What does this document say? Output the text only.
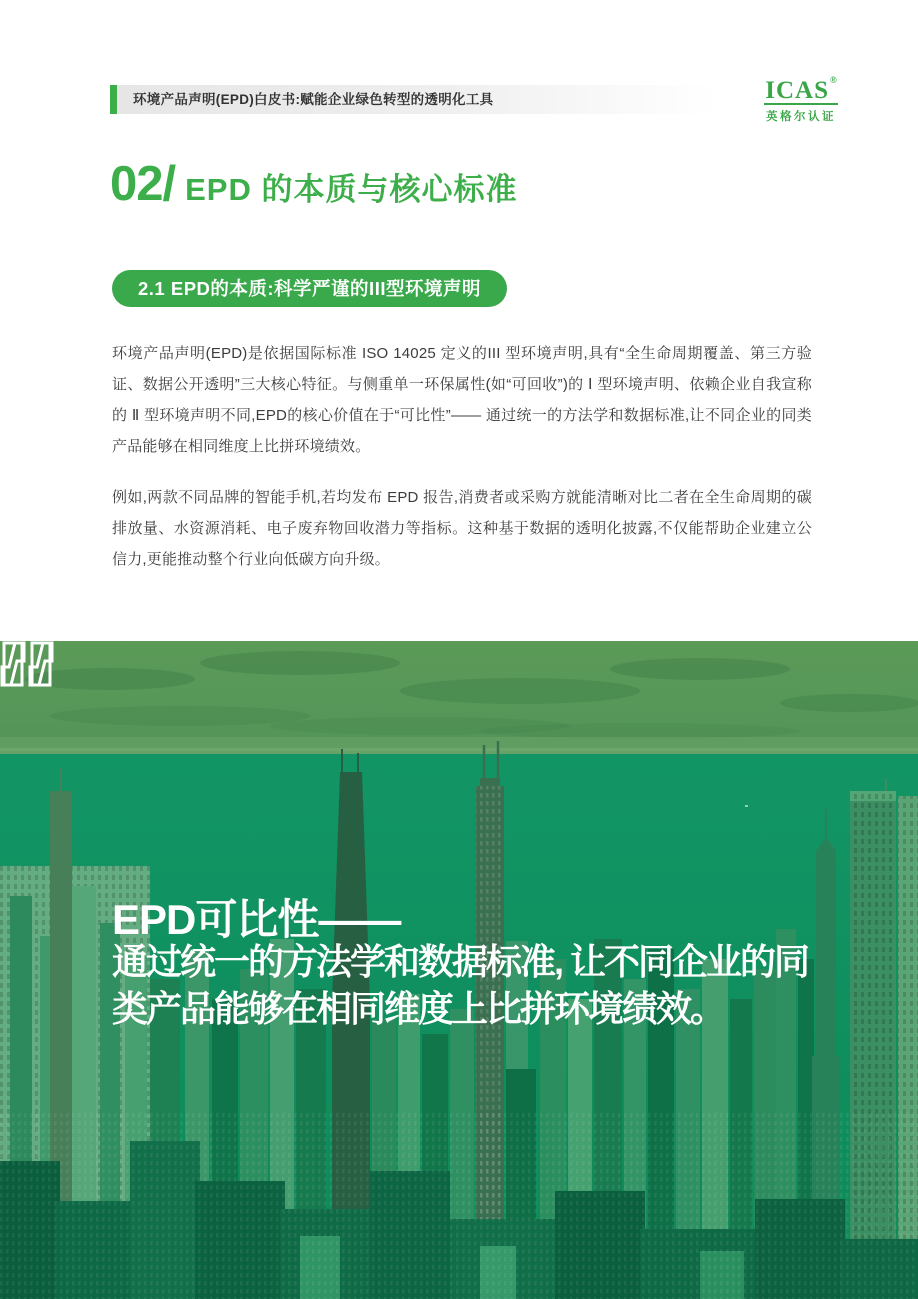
环境产品声明(EPD)白皮书:赋能企业绿色转型的透明化工具	ICAS®
英格尔认证
02/ EPD 的本质与核心标准
2.1 EPD的本质:科学严谨的III型环境声明
环境产品声明(EPD)是依据国际标准 ISO 14025 定义的III 型环境声明,具有“全生命周期覆盖、第三方验证、数据公开透明”三大核心特征。与侧重单一环保属性(如“可回收”)的 Ⅰ 型环境声明、依赖企业自我宣称的 Ⅱ 型环境声明不同,EPD的核心价值在于“可比性”—— 通过统一的方法学和数据标准,让不同企业的同类产品能够在相同维度上比拼环境绩效。
例如,两款不同品牌的智能手机,若均发布 EPD 报告,消费者或采购方就能清晰对比二者在全生命周期的碳排放量、水资源消耗、电子废弃物回收潜力等指标。这种基于数据的透明化披露,不仅能帮助企业建立公信力,更能推动整个行业向低碳方向升级。
EPD可比性——
通过统一的方法学和数据标准, 让不同企业的同
类产品能够在相同维度上比拼环境绩效。
